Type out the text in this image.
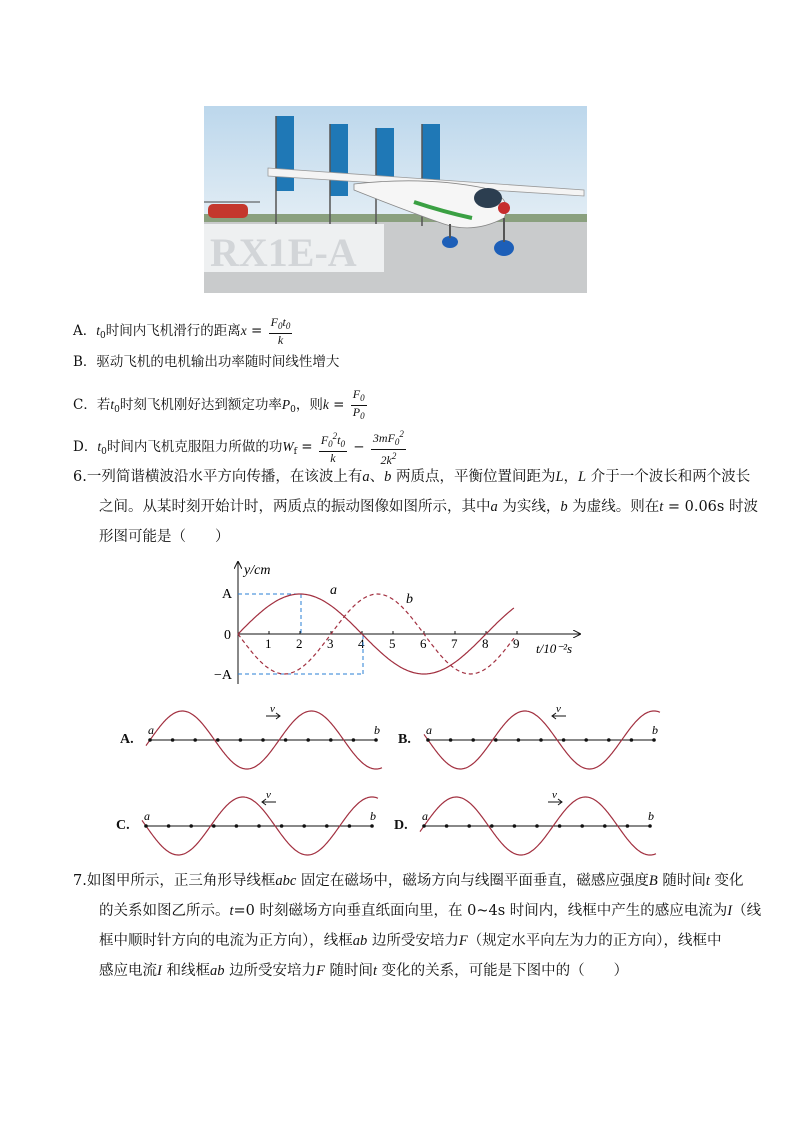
RX1E-A
A．$t_0$时间内飞机滑行的距离$x = \frac{F_0t_0}{k}$
B．驱动飞机的电机输出功率随时间线性增大
C．若$t_0$时刻飞机刚好达到额定功率$P_0$，则$k = \frac{F_0}{P_0}$
D．$t_0$时间内飞机克服阻力所做的功$W_f = \frac{F_0^2t_0}{k} - \frac{3mF_0^2}{2k^2}$
6.一列简谐横波沿水平方向传播，在该波上有a、b 两质点，平衡位置间距为L，L 介于一个波长和两个波长
之间。从某时刻开始计时，两质点的振动图像如图所示，其中a 为实线，b 为虚线。则在t = 0.06s 时波
形图可能是（　　）
y/cm
t/10⁻²s
A
−A
0
1 2 3 4 5 6 7 8 9
a
b
A.
a	b
v
B.
a	b
v
C.
a	b
v
D.
a	b
v
7.如图甲所示，正三角形导线框abc 固定在磁场中，磁场方向与线圈平面垂直，磁感应强度B 随时间t 变化
的关系如图乙所示。t=0 时刻磁场方向垂直纸面向里，在 0~4s 时间内，线框中产生的感应电流为I（线
框中顺时针方向的电流为正方向），线框ab 边所受安培力F（规定水平向左为力的正方向），线框中
感应电流I 和线框ab 边所受安培力F 随时间t 变化的关系，可能是下图中的（　　）
